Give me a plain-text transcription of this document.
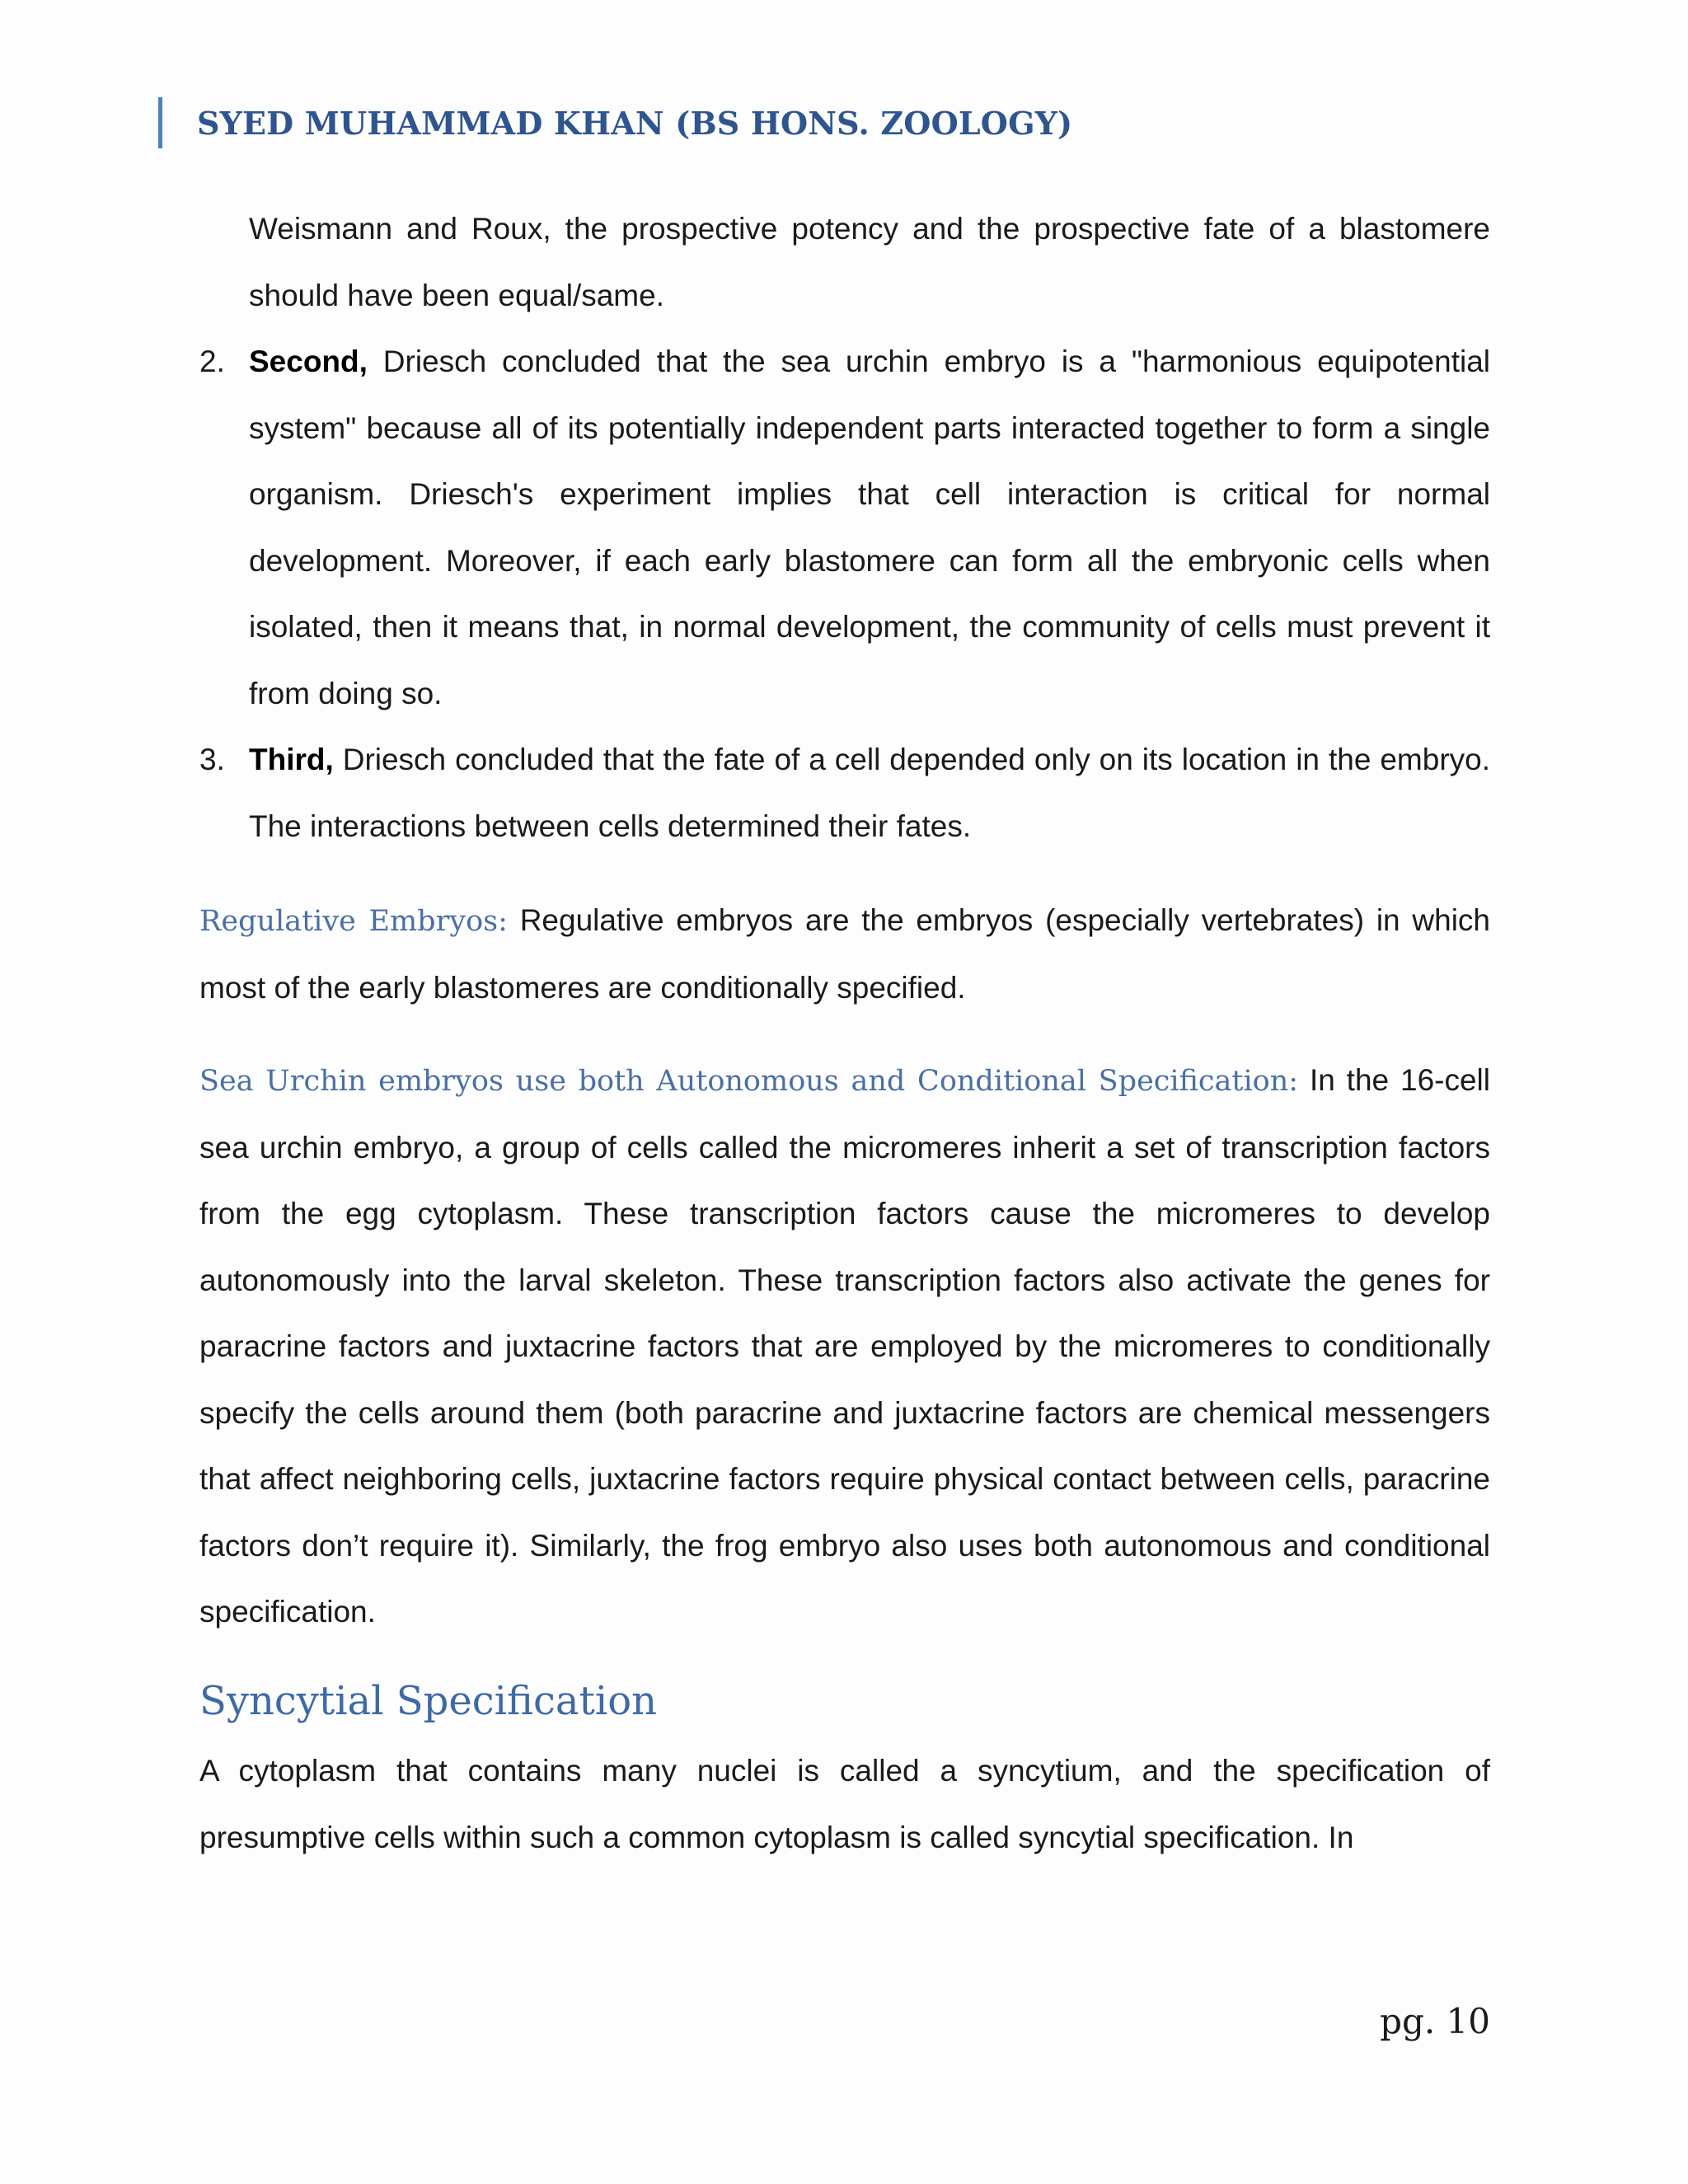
SYED MUHAMMAD KHAN (BS HONS. ZOOLOGY)

Weismann and Roux, the prospective potency and the prospective fate of a blastomere should have been equal/same.

2. Second, Driesch concluded that the sea urchin embryo is a "harmonious equipotential system" because all of its potentially independent parts interacted together to form a single organism. Driesch's experiment implies that cell interaction is critical for normal development. Moreover, if each early blastomere can form all the embryonic cells when isolated, then it means that, in normal development, the community of cells must prevent it from doing so.
3. Third, Driesch concluded that the fate of a cell depended only on its location in the embryo. The interactions between cells determined their fates.

Regulative Embryos: Regulative embryos are the embryos (especially vertebrates) in which most of the early blastomeres are conditionally specified.

Sea Urchin embryos use both Autonomous and Conditional Specification: In the 16-cell sea urchin embryo, a group of cells called the micromeres inherit a set of transcription factors from the egg cytoplasm. These transcription factors cause the micromeres to develop autonomously into the larval skeleton. These transcription factors also activate the genes for paracrine factors and juxtacrine factors that are employed by the micromeres to conditionally specify the cells around them (both paracrine and juxtacrine factors are chemical messengers that affect neighboring cells, juxtacrine factors require physical contact between cells, paracrine factors don’t require it). Similarly, the frog embryo also uses both autonomous and conditional specification.

Syncytial Specification

A cytoplasm that contains many nuclei is called a syncytium, and the specification of presumptive cells within such a common cytoplasm is called syncytial specification. In

pg. 10
